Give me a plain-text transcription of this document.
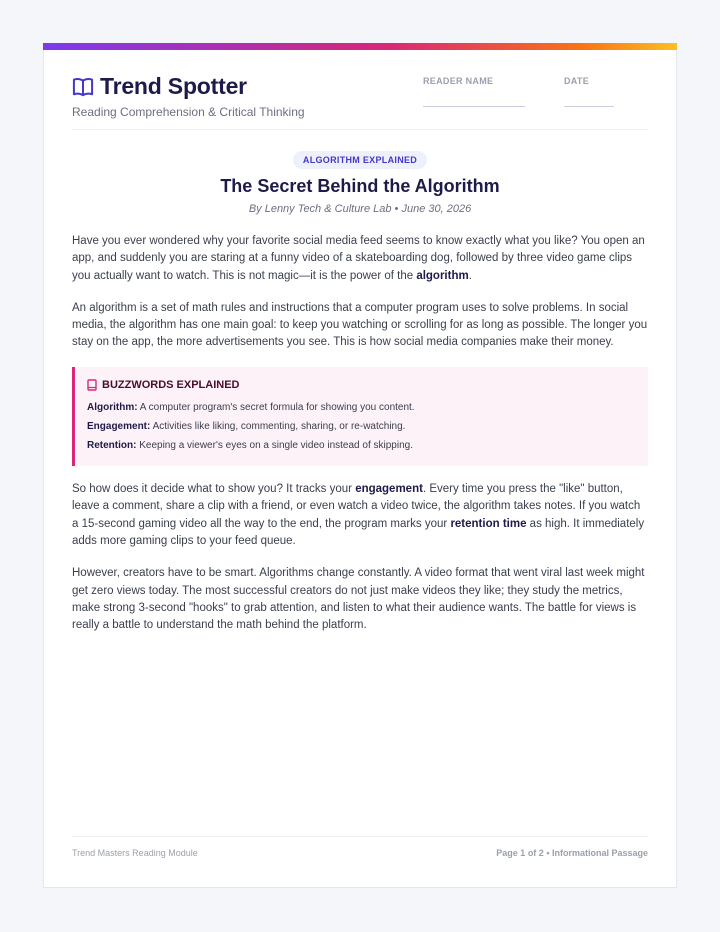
Trend Spotter
Reading Comprehension & Critical Thinking
READER NAME	DATE
ALGORITHM EXPLAINED
The Secret Behind the Algorithm
By Lenny Tech & Culture Lab • June 30, 2026

Have you ever wondered why your favorite social media feed seems to know exactly what you like? You open an app, and suddenly you are staring at a funny video of a skateboarding dog, followed by three video game clips you actually want to watch. This is not magic—it is the power of the algorithm.

An algorithm is a set of math rules and instructions that a computer program uses to solve problems. In social media, the algorithm has one main goal: to keep you watching or scrolling for as long as possible. The longer you stay on the app, the more advertisements you see. This is how social media companies make their money.

BUZZWORDS EXPLAINED
Algorithm: A computer program's secret formula for showing you content.
Engagement: Activities like liking, commenting, sharing, or re-watching.
Retention: Keeping a viewer's eyes on a single video instead of skipping.

So how does it decide what to show you? It tracks your engagement. Every time you press the "like" button, leave a comment, share a clip with a friend, or even watch a video twice, the algorithm takes notes. If you watch a 15-second gaming video all the way to the end, the program marks your retention time as high. It immediately adds more gaming clips to your feed queue.

However, creators have to be smart. Algorithms change constantly. A video format that went viral last week might get zero views today. The most successful creators do not just make videos they like; they study the metrics, make strong 3-second "hooks" to grab attention, and listen to what their audience wants. The battle for views is really a battle to understand the math behind the platform.

Trend Masters Reading Module	Page 1 of 2 • Informational Passage
